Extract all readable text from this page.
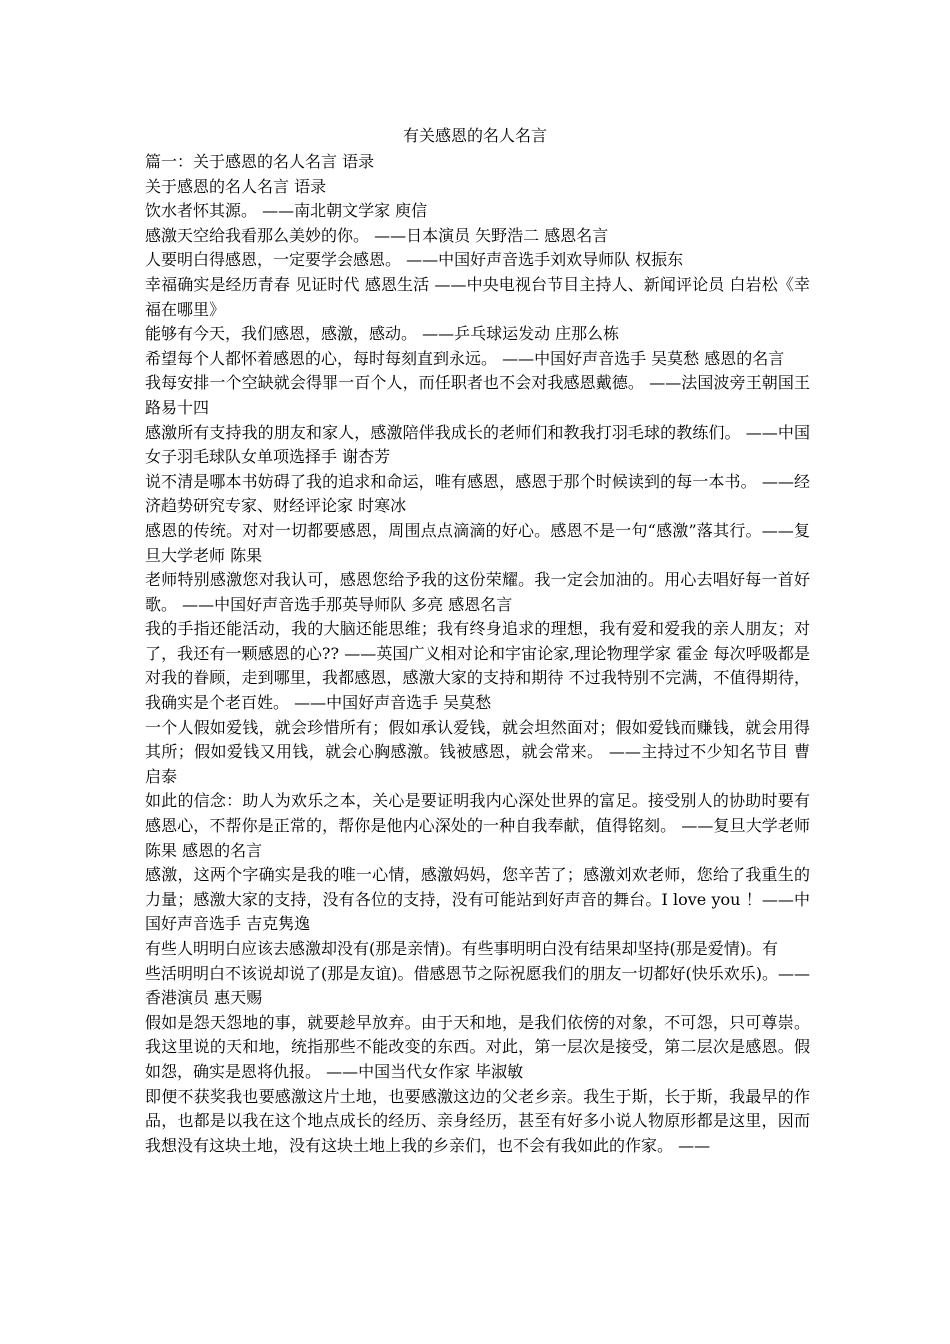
有关感恩的名人名言

篇一：关于感恩的名人名言 语录

关于感恩的名人名言 语录

饮水者怀其源。 ——南北朝文学家 庾信

感激天空给我看那么美妙的你。 ——日本演员 矢野浩二 感恩名言

人要明白得感恩，一定要学会感恩。 ——中国好声音选手刘欢导师队 权振东

幸福确实是经历青春 见证时代 感恩生活 ——中央电视台节目主持人、新闻评论员 白岩松《幸福在哪里》

能够有今天，我们感恩，感激，感动。 ——乒乓球运发动 庄那么栋

希望每个人都怀着感恩的心，每时每刻直到永远。 ——中国好声音选手 吴莫愁 感恩的名言

我每安排一个空缺就会得罪一百个人，而任职者也不会对我感恩戴德。 ——法国波旁王朝国王 路易十四

感激所有支持我的朋友和家人，感激陪伴我成长的老师们和教我打羽毛球的教练们。 ——中国女子羽毛球队女单项选择手 谢杏芳

说不清是哪本书妨碍了我的追求和命运，唯有感恩，感恩于那个时候读到的每一本书。 ——经济趋势研究专家、财经评论家 时寒冰

感恩的传统。对对一切都要感恩，周围点点滴滴的好心。感恩不是一句“感激”落其行。——复旦大学老师 陈果

老师特别感激您对我认可，感恩您给予我的这份荣耀。我一定会加油的。用心去唱好每一首好歌。 ——中国好声音选手那英导师队 多亮 感恩名言

我的手指还能活动，我的大脑还能思维；我有终身追求的理想，我有爱和爱我的亲人朋友；对了，我还有一颗感恩的心?? ——英国广义相对论和宇宙论家,理论物理学家 霍金 每次呼吸都是对我的眷顾，走到哪里，我都感恩，感激大家的支持和期待 不过我特别不完满，不值得期待，我确实是个老百姓。 ——中国好声音选手 吴莫愁

一个人假如爱钱，就会珍惜所有；假如承认爱钱，就会坦然面对；假如爱钱而赚钱，就会用得其所；假如爱钱又用钱，就会心胸感激。钱被感恩，就会常来。 ——主持过不少知名节目 曹启泰

如此的信念：助人为欢乐之本，关心是要证明我内心深处世界的富足。接受别人的协助时要有感恩心，不帮你是正常的，帮你是他内心深处的一种自我奉献，值得铭刻。 ——复旦大学老师 陈果 感恩的名言

感激，这两个字确实是我的唯一心情，感激妈妈，您辛苦了；感激刘欢老师，您给了我重生的力量；感激大家的支持，没有各位的支持，没有可能站到好声音的舞台。I love you ！——中国好声音选手 吉克隽逸

有些人明明白应该去感激却没有(那是亲情)。有些事明明白没有结果却坚持(那是爱情)。有

些活明明白不该说却说了(那是友谊)。借感恩节之际祝愿我们的朋友一切都好(快乐欢乐)。——香港演员 惠天赐

假如是怨天怨地的事，就要趁早放弃。由于天和地，是我们依傍的对象，不可怨，只可尊崇。我这里说的天和地，统指那些不能改变的东西。对此，第一层次是接受，第二层次是感恩。假如怨，确实是恩将仇报。 ——中国当代女作家 毕淑敏

即便不获奖我也要感激这片土地，也要感激这边的父老乡亲。我生于斯，长于斯，我最早的作品，也都是以我在这个地点成长的经历、亲身经历，甚至有好多小说人物原形都是这里，因而我想没有这块土地，没有这块土地上我的乡亲们，也不会有我如此的作家。 ——
